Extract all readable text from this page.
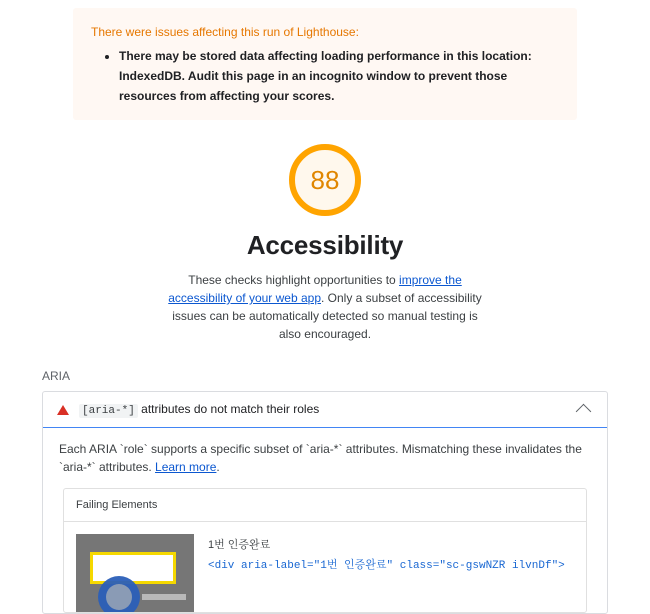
There were issues affecting this run of Lighthouse:
• There may be stored data affecting loading performance in this location: IndexedDB. Audit this page in an incognito window to prevent those resources from affecting your scores.
88
Accessibility
These checks highlight opportunities to improve the accessibility of your web app. Only a subset of accessibility issues can be automatically detected so manual testing is also encouraged.
ARIA
[aria-*] attributes do not match their roles

Each ARIA `role` supports a specific subset of `aria-*` attributes. Mismatching these invalidates the `aria-*` attributes. Learn more.

Failing Elements
1번 인증완료
<div aria-label="1번 인증완료" class="sc-gswNZR ilvnDf">
